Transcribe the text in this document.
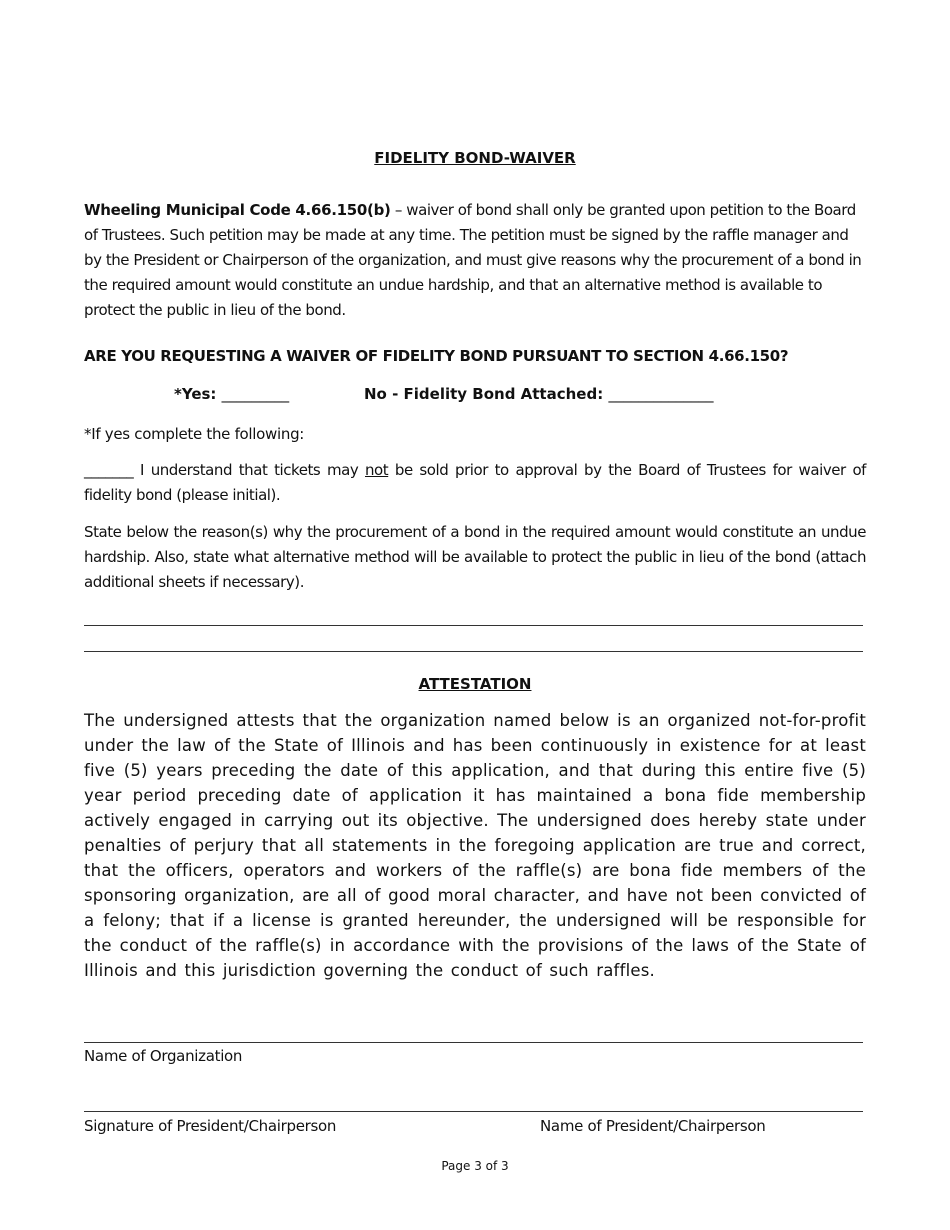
FIDELITY BOND-WAIVER
Wheeling Municipal Code 4.66.150(b) – waiver of bond shall only be granted upon petition to the Board of Trustees. Such petition may be made at any time. The petition must be signed by the raffle manager and by the President or Chairperson of the organization, and must give reasons why the procurement of a bond in the required amount would constitute an undue hardship, and that an alternative method is available to protect the public in lieu of the bond.
ARE YOU REQUESTING A WAIVER OF FIDELITY BOND PURSUANT TO SECTION 4.66.150?
*Yes: _________	No - Fidelity Bond Attached: ______________
*If yes complete the following:
_______ I understand that tickets may not be sold prior to approval by the Board of Trustees for waiver of fidelity bond (please initial).
State below the reason(s) why the procurement of a bond in the required amount would constitute an undue hardship. Also, state what alternative method will be available to protect the public in lieu of the bond (attach additional sheets if necessary).
ATTESTATION
The undersigned attests that the organization named below is an organized not-for-profit under the law of the State of Illinois and has been continuously in existence for at least five (5) years preceding the date of this application, and that during this entire five (5) year period preceding date of application it has maintained a bona fide membership actively engaged in carrying out its objective. The undersigned does hereby state under penalties of perjury that all statements in the foregoing application are true and correct, that the officers, operators and workers of the raffle(s) are bona fide members of the sponsoring organization, are all of good moral character, and have not been convicted of a felony; that if a license is granted hereunder, the undersigned will be responsible for the conduct of the raffle(s) in accordance with the provisions of the laws of the State of Illinois and this jurisdiction governing the conduct of such raffles.
Name of Organization
Signature of President/Chairperson	Name of President/Chairperson
Page 3 of 3
